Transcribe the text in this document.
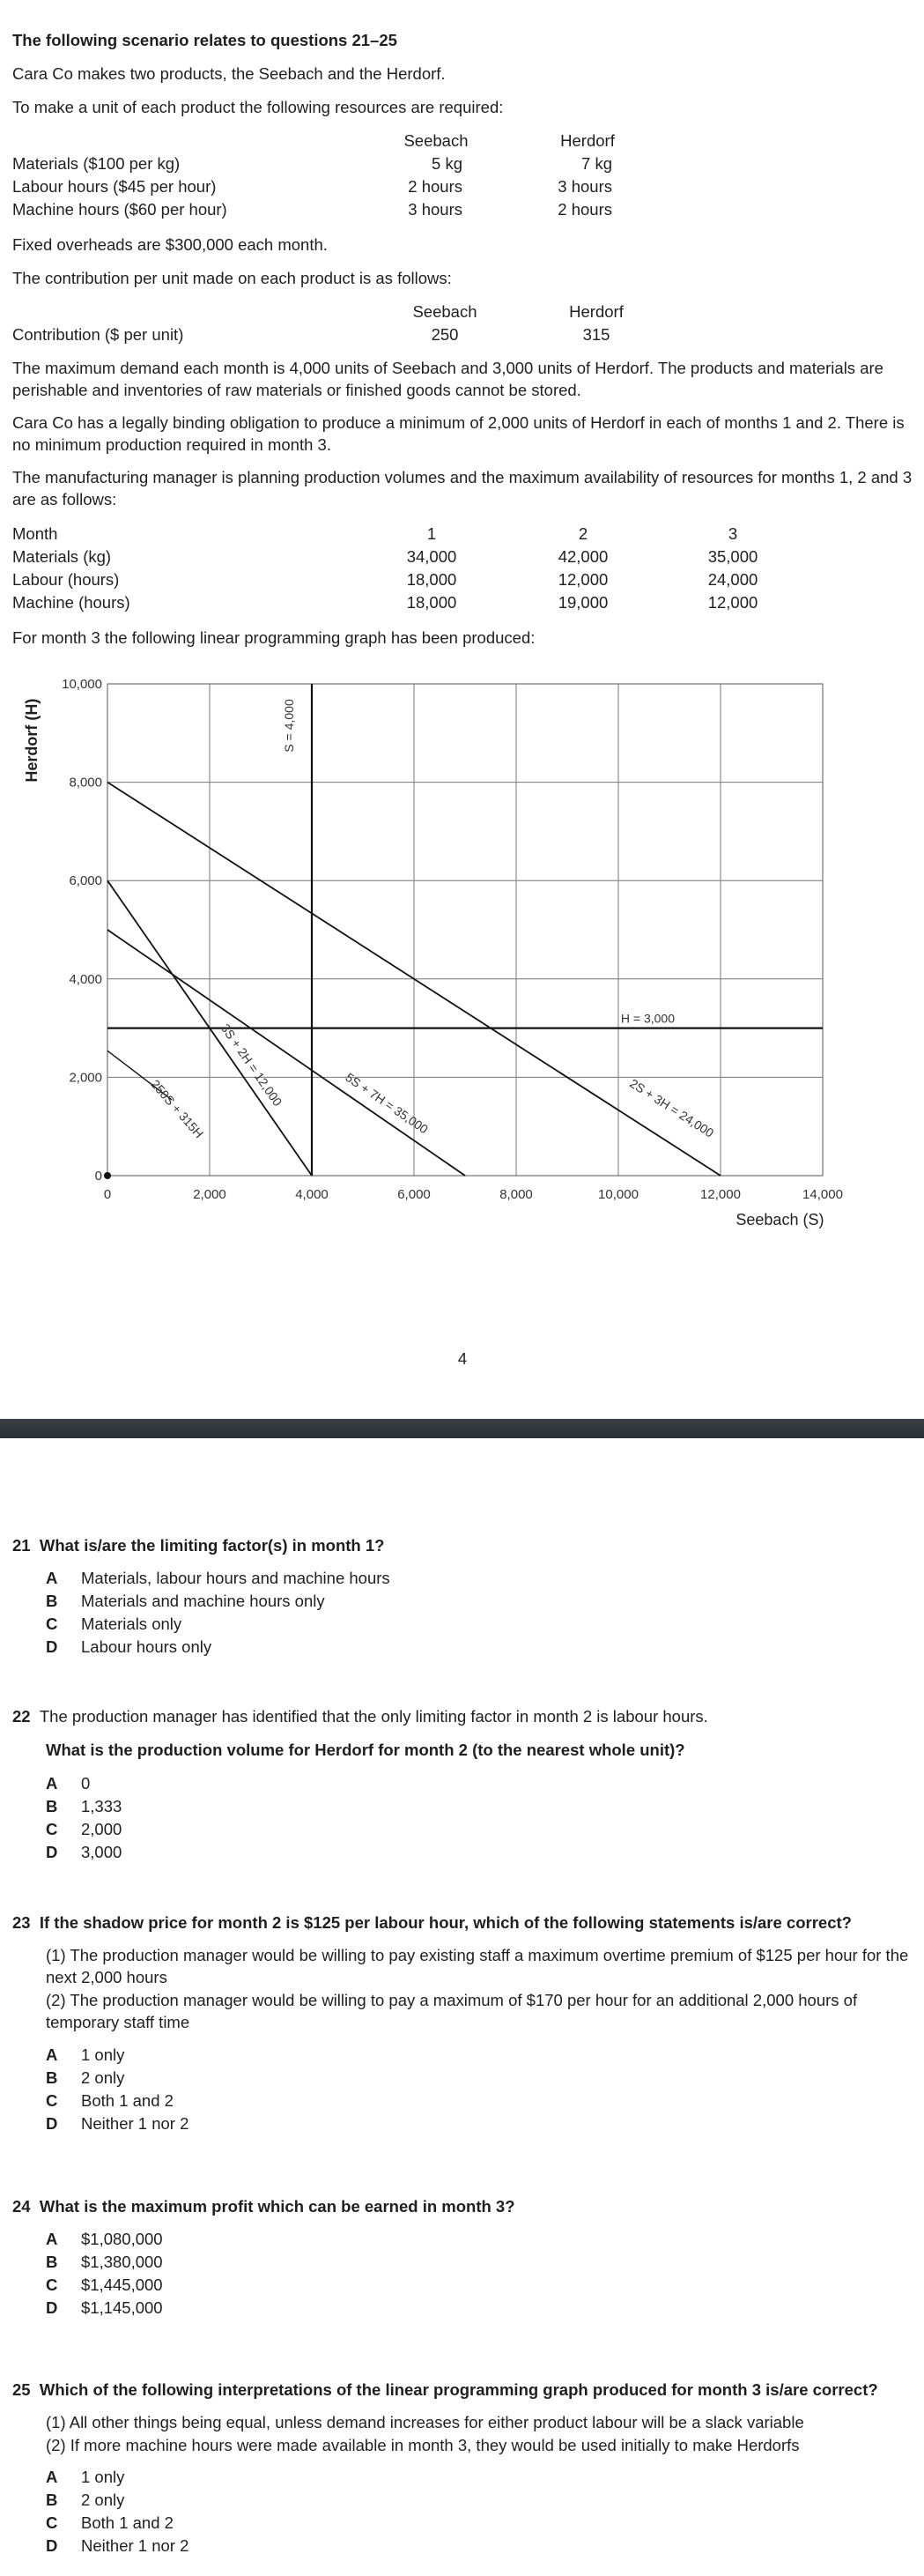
The following scenario relates to questions 21–25
Cara Co makes two products, the Seebach and the Herdorf.
To make a unit of each product the following resources are required:
Seebach	Herdorf
Materials ($100 per kg)	5 kg	7 kg
Labour hours ($45 per hour)	2 hours	3 hours
Machine hours ($60 per hour)	3 hours	2 hours
Fixed overheads are $300,000 each month.
The contribution per unit made on each product is as follows:
Seebach	Herdorf
Contribution ($ per unit)	250	315
The maximum demand each month is 4,000 units of Seebach and 3,000 units of Herdorf. The products and materials are perishable and inventories of raw materials or finished goods cannot be stored.
Cara Co has a legally binding obligation to produce a minimum of 2,000 units of Herdorf in each of months 1 and 2. There is no minimum production required in month 3.
The manufacturing manager is planning production volumes and the maximum availability of resources for months 1, 2 and 3 are as follows:
Month	1	2	3
Materials (kg)	34,000	42,000	35,000
Labour (hours)	18,000	12,000	24,000
Machine (hours)	18,000	19,000	12,000
For month 3 the following linear programming graph has been produced:
0	2,000	4,000	6,000	8,000	10,000	12,000	14,000
0
2,000
4,000
6,000
8,000
10,000
S = 4,000
H = 3,000
3S + 2H = 12,000	5S + 7H = 35,000	2S + 3H = 24,000
250S + 315H
Seebach (S)
Herdorf (H)
4
21 What is/are the limiting factor(s) in month 1?
A Materials, labour hours and machine hours
B Materials and machine hours only
C Materials only
D Labour hours only
22 The production manager has identified that the only limiting factor in month 2 is labour hours.
What is the production volume for Herdorf for month 2 (to the nearest whole unit)?
A 0
B 1,333
C 2,000
D 3,000
23 If the shadow price for month 2 is $125 per labour hour, which of the following statements is/are correct?
(1) The production manager would be willing to pay existing staff a maximum overtime premium of $125 per hour for the next 2,000 hours
(2) The production manager would be willing to pay a maximum of $170 per hour for an additional 2,000 hours of temporary staff time
A 1 only
B 2 only
C Both 1 and 2
D Neither 1 nor 2
24 What is the maximum profit which can be earned in month 3?
A $1,080,000
B $1,380,000
C $1,445,000
D $1,145,000
25 Which of the following interpretations of the linear programming graph produced for month 3 is/are correct?
(1) All other things being equal, unless demand increases for either product labour will be a slack variable
(2) If more machine hours were made available in month 3, they would be used initially to make Herdorfs
A 1 only
B 2 only
C Both 1 and 2
D Neither 1 nor 2
